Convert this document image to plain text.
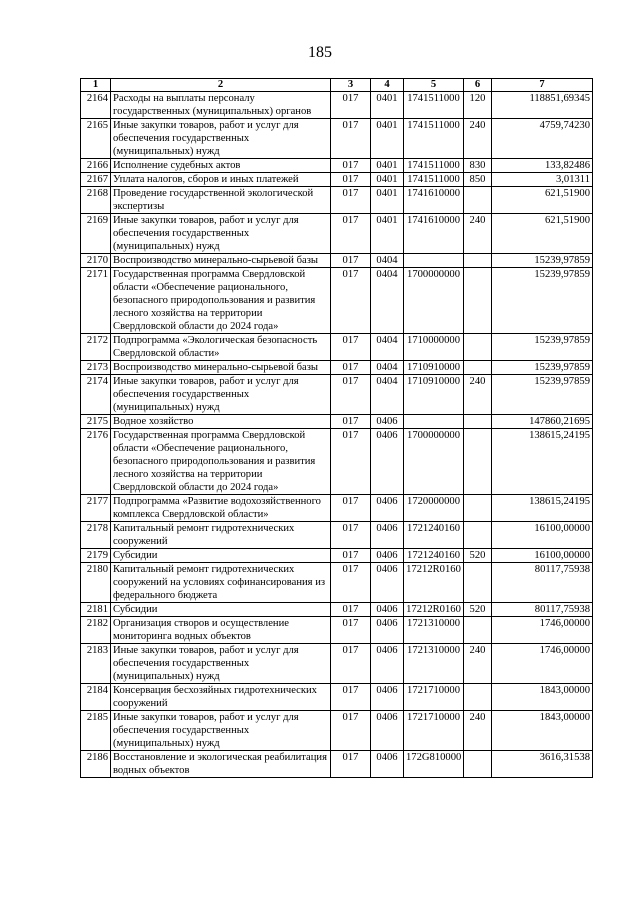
185
1	2	3	4	5	6	7
2164	Расходы на выплаты персоналу государственных (муниципальных) органов	017	0401	1741511000	120	118851,69345
2165	Иные закупки товаров, работ и услуг для обеспечения государственных (муниципальных) нужд	017	0401	1741511000	240	4759,74230
2166	Исполнение судебных актов	017	0401	1741511000	830	133,82486
2167	Уплата налогов, сборов и иных платежей	017	0401	1741511000	850	3,01311
2168	Проведение государственной экологической экспертизы	017	0401	1741610000		621,51900
2169	Иные закупки товаров, работ и услуг для обеспечения государственных (муниципальных) нужд	017	0401	1741610000	240	621,51900
2170	Воспроизводство минерально-сырьевой базы	017	0404			15239,97859
2171	Государственная программа Свердловской области «Обеспечение рационального, безопасного природопользования и развития лесного хозяйства на территории Свердловской области до 2024 года»	017	0404	1700000000		15239,97859
2172	Подпрограмма «Экологическая безопасность Свердловской области»	017	0404	1710000000		15239,97859
2173	Воспроизводство минерально-сырьевой базы	017	0404	1710910000		15239,97859
2174	Иные закупки товаров, работ и услуг для обеспечения государственных (муниципальных) нужд	017	0404	1710910000	240	15239,97859
2175	Водное хозяйство	017	0406			147860,21695
2176	Государственная программа Свердловской области «Обеспечение рационального, безопасного природопользования и развития лесного хозяйства на территории Свердловской области до 2024 года»	017	0406	1700000000		138615,24195
2177	Подпрограмма «Развитие водохозяйственного комплекса Свердловской области»	017	0406	1720000000		138615,24195
2178	Капитальный ремонт гидротехнических сооружений	017	0406	1721240160		16100,00000
2179	Субсидии	017	0406	1721240160	520	16100,00000
2180	Капитальный ремонт гидротехнических сооружений на условиях софинансирования из федерального бюджета	017	0406	17212R0160		80117,75938
2181	Субсидии	017	0406	17212R0160	520	80117,75938
2182	Организация створов и осуществление мониторинга водных объектов	017	0406	1721310000		1746,00000
2183	Иные закупки товаров, работ и услуг для обеспечения государственных (муниципальных) нужд	017	0406	1721310000	240	1746,00000
2184	Консервация бесхозяйных гидротехнических сооружений	017	0406	1721710000		1843,00000
2185	Иные закупки товаров, работ и услуг для обеспечения государственных (муниципальных) нужд	017	0406	1721710000	240	1843,00000
2186	Восстановление и экологическая реабилитация водных объектов	017	0406	172G810000		3616,31538
